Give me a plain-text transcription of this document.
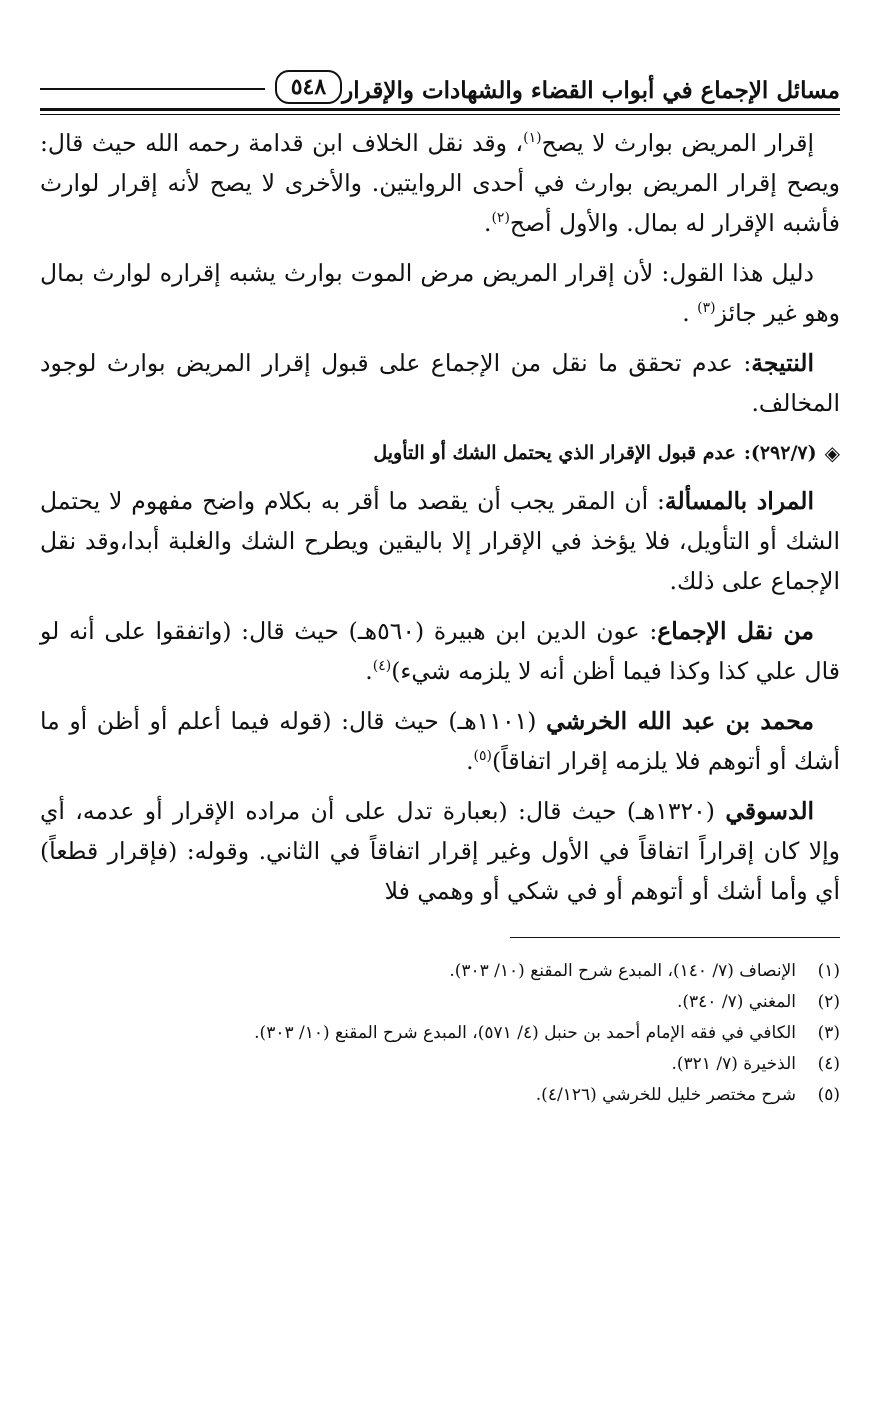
مسائل الإجماع في أبواب القضاء والشهادات والإقرار
٥٤٨

إقرار المريض بوارث لا يصح$^{(١)}$، وقد نقل الخلاف ابن قدامة رحمه الله حيث قال: ويصح إقرار المريض بوارث في أحدى الروايتين. والأخرى لا يصح لأنه إقرار لوارث فأشبه الإقرار له بمال. والأول أصح$^{(٢)}$.

دليل هذا القول: لأن إقرار المريض مرض الموت بوارث يشبه إقراره لوارث بمال وهو غير جائز$^{(٣)}$ .

النتيجة: عدم تحقق ما نقل من الإجماع على قبول إقرار المريض بوارث لوجود المخالف.

◈
(٢٩٢/٧):
عدم قبول الإقرار الذي يحتمل الشك أو التأويل

المراد بالمسألة: أن المقر يجب أن يقصد ما أقر به بكلام واضح مفهوم لا يحتمل الشك أو التأويل، فلا يؤخذ في الإقرار إلا باليقين ويطرح الشك والغلبة أبدا،وقد نقل الإجماع على ذلك.

من نقل الإجماع: عون الدين ابن هبيرة (٥٦٠هـ) حيث قال: (واتفقوا على أنه لو قال علي كذا وكذا فيما أظن أنه لا يلزمه شيء)$^{(٤)}$.

محمد بن عبد الله الخرشي (١١٠١هـ) حيث قال: (قوله فيما أعلم أو أظن أو ما أشك أو أتوهم فلا يلزمه إقرار اتفاقاً)$^{(٥)}$.

الدسوقي (١٣٢٠هـ) حيث قال: (بعبارة تدل على أن مراده الإقرار أو عدمه، أي وإلا كان إقراراً اتفاقاً في الأول وغير إقرار اتفاقاً في الثاني. وقوله: (فإقرار قطعاً) أي وأما أشك أو أتوهم أو في شكي أو وهمي فلا

(١)
الإنصاف (٧/ ١٤٠)، المبدع شرح المقنع (١٠/ ٣٠٣).
(٢)
المغني (٧/ ٣٤٠).
(٣)
الكافي في فقه الإمام أحمد بن حنبل (٤/ ٥٧١)، المبدع شرح المقنع (١٠/ ٣٠٣).
(٤)
الذخيرة (٧/ ٣٢١).
(٥)
شرح مختصر خليل للخرشي (٤/١٢٦).
